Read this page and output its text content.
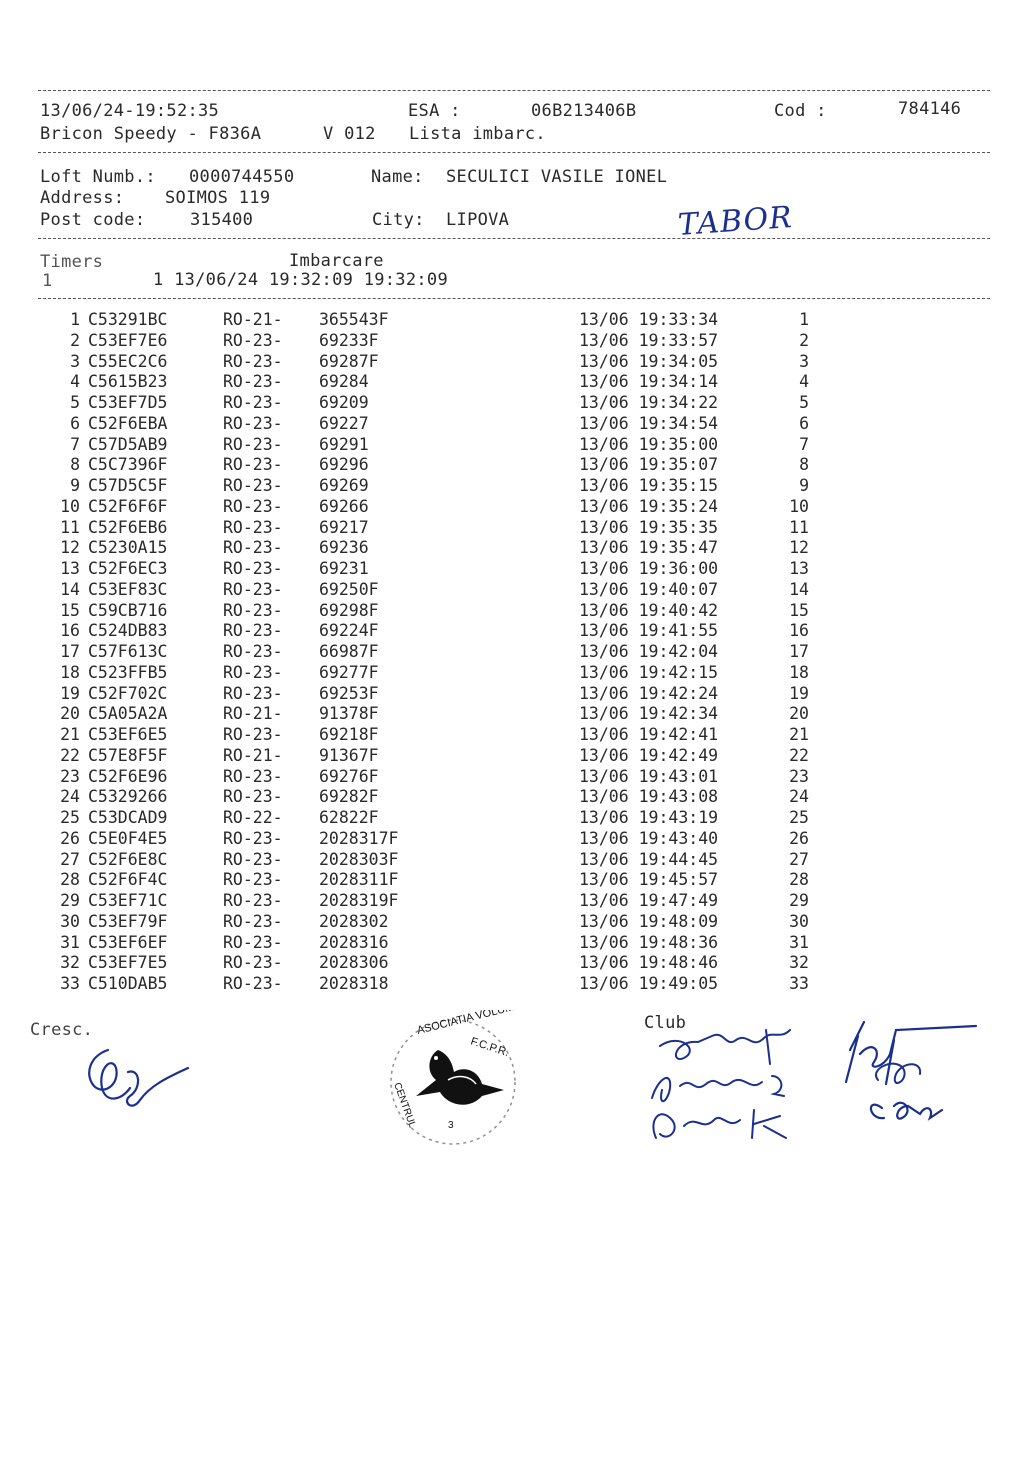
13/06/24-19:52:35	ESA :	06B213406B	Cod :	784146
Bricon Speedy - F836A	V 012 Lista imbarc.
Loft Numb.: 0000744550	Name: SECULICI VASILE IONEL
Address: SOIMOS 119
Post code:	315400	City: LIPOVA	TABOR
Timers	Imbarcare
1	1 13/06/24 19:32:09 19:32:09
1	C53291BC	RO-21-	365543F	13/06 19:33:34	1
2	C53EF7E6	RO-23-	69233F	13/06 19:33:57	2
3	C55EC2C6	RO-23-	69287F	13/06 19:34:05	3
4	C5615B23	RO-23-	69284	13/06 19:34:14	4
5	C53EF7D5	RO-23-	69209	13/06 19:34:22	5
6	C52F6EBA	RO-23-	69227	13/06 19:34:54	6
7	C57D5AB9	RO-23-	69291	13/06 19:35:00	7
8	C5C7396F	RO-23-	69296	13/06 19:35:07	8
9	C57D5C5F	RO-23-	69269	13/06 19:35:15	9
10	C52F6F6F	RO-23-	69266	13/06 19:35:24	10
11	C52F6EB6	RO-23-	69217	13/06 19:35:35	11
12	C5230A15	RO-23-	69236	13/06 19:35:47	12
13	C52F6EC3	RO-23-	69231	13/06 19:36:00	13
14	C53EF83C	RO-23-	69250F	13/06 19:40:07	14
15	C59CB716	RO-23-	69298F	13/06 19:40:42	15
16	C524DB83	RO-23-	69224F	13/06 19:41:55	16
17	C57F613C	RO-23-	66987F	13/06 19:42:04	17
18	C523FFB5	RO-23-	69277F	13/06 19:42:15	18
19	C52F702C	RO-23-	69253F	13/06 19:42:24	19
20	C5A05A2A	RO-21-	91378F	13/06 19:42:34	20
21	C53EF6E5	RO-23-	69218F	13/06 19:42:41	21
22	C57E8F5F	RO-21-	91367F	13/06 19:42:49	22
23	C52F6E96	RO-23-	69276F	13/06 19:43:01	23
24	C5329266	RO-23-	69282F	13/06 19:43:08	24
25	C53DCAD9	RO-22-	62822F	13/06 19:43:19	25
26	C5E0F4E5	RO-23-	2028317F	13/06 19:43:40	26
27	C52F6E8C	RO-23-	2028303F	13/06 19:44:45	27
28	C52F6F4C	RO-23-	2028311F	13/06 19:45:57	28
29	C53EF71C	RO-23-	2028319F	13/06 19:47:49	29
30	C53EF79F	RO-23-	2028302	13/06 19:48:09	30
31	C53EF6EF	RO-23-	2028316	13/06 19:48:36	31
32	C53EF7E5	RO-23-	2028306	13/06 19:48:46	32
33	C510DAB5	RO-23-	2028318	13/06 19:49:05	33
Cresc.	Club
ASOCIATIA VOLUMBI
F.C.P.R.
CENTRUL	3
